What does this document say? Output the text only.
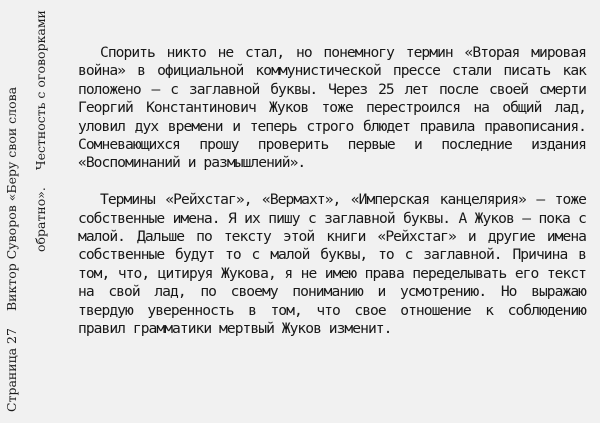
Страница 27Виктор Суворов «Беру свои слова обратно».Честность с оговорками	Спорить никто не стал, но понемногу термин «Вторая мировая война» в официальной коммунистической прессе стали писать как положено — с заглавной буквы. Через 25 лет после своей смерти Георгий Константинович Жуков тоже перестроился на общий лад, уловил дух времени и теперь строго блюдет правила правописания. Сомневающихся прошу проверить первые и последние издания «Воспоминаний и размышлений».

Термины «Рейхстаг», «Вермахт», «Имперская канцелярия» — тоже собственные имена. Я их пишу с заглавной буквы. А Жуков — пока с малой. Дальше по тексту этой книги «Рейхстаг» и другие имена собственные будут то с малой буквы, то с заглавной. Причина в том, что, цитируя Жукова, я не имею права переделывать его текст на свой лад, по своему пониманию и усмотрению. Но выражаю твердую уверенность в том, что свое отношение к соблюдению правил грамматики мертвый Жуков изменит.
